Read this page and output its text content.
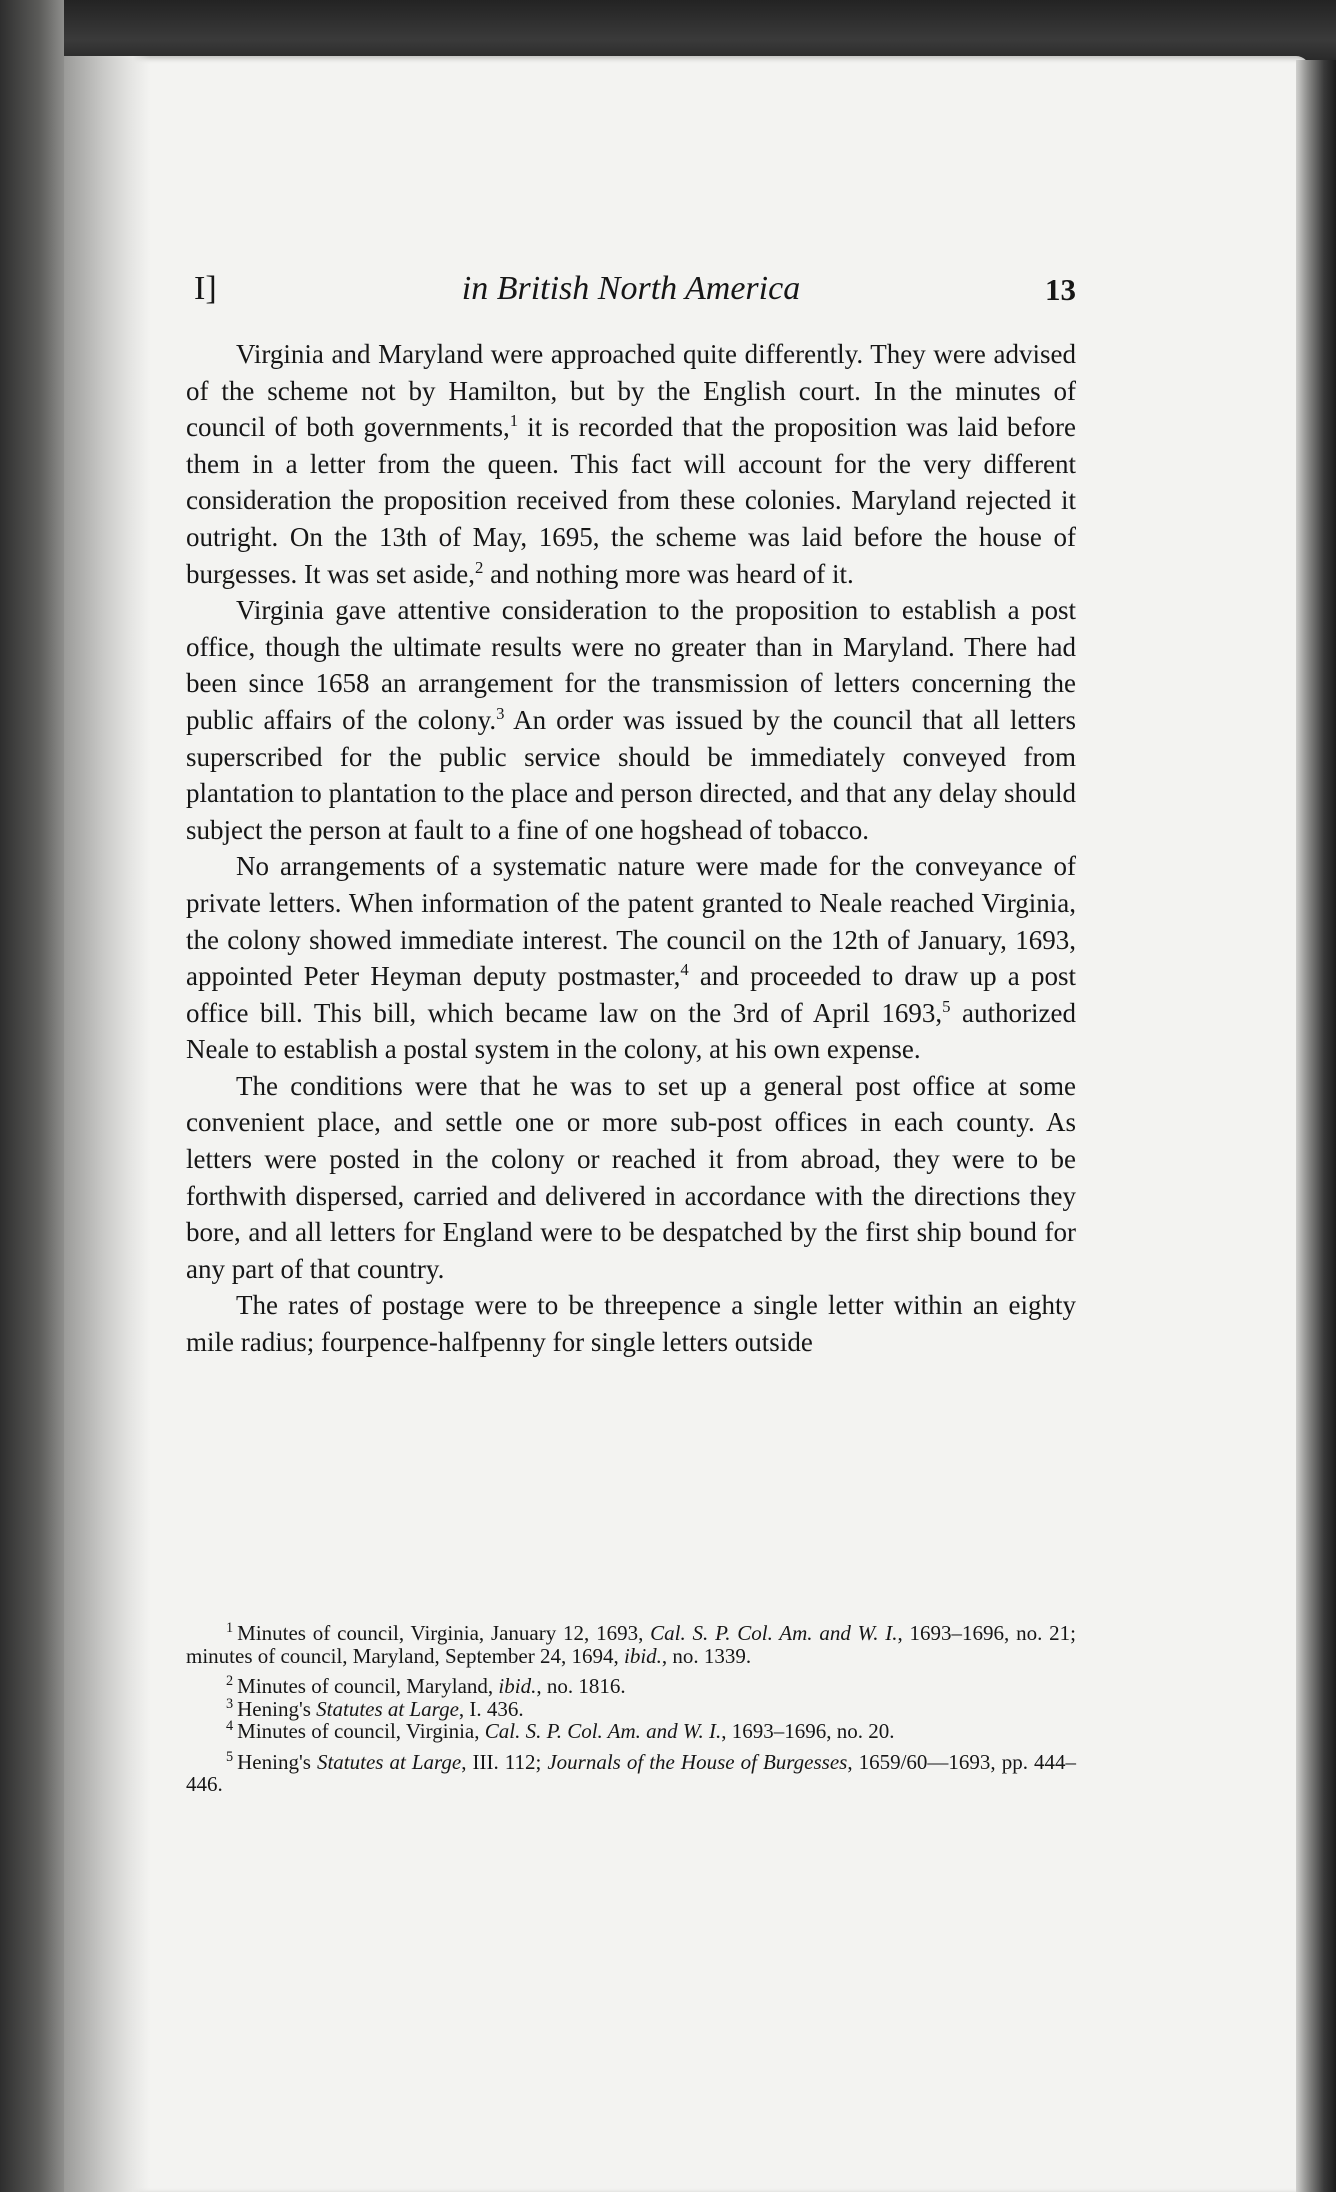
I]	in British North America	13

Virginia and Maryland were approached quite differently. They were advised of the scheme not by Hamilton, but by the English court. In the minutes of council of both governments,$^1$ it is recorded that the proposition was laid before them in a letter from the queen. This fact will account for the very different consideration the proposition received from these colonies. Maryland rejected it outright. On the 13th of May, 1695, the scheme was laid before the house of burgesses. It was set aside,$^2$ and nothing more was heard of it.

Virginia gave attentive consideration to the proposition to establish a post office, though the ultimate results were no greater than in Maryland. There had been since 1658 an arrangement for the transmission of letters concerning the public affairs of the colony.$^3$ An order was issued by the council that all letters superscribed for the public service should be immediately conveyed from plantation to plantation to the place and person directed, and that any delay should subject the person at fault to a fine of one hogshead of tobacco.

No arrangements of a systematic nature were made for the conveyance of private letters. When information of the patent granted to Neale reached Virginia, the colony showed immediate interest. The council on the 12th of January, 1693, appointed Peter Heyman deputy postmaster,$^4$ and proceeded to draw up a post office bill. This bill, which became law on the 3rd of April 1693,$^5$ authorized Neale to establish a postal system in the colony, at his own expense.

The conditions were that he was to set up a general post office at some convenient place, and settle one or more sub-post offices in each county. As letters were posted in the colony or reached it from abroad, they were to be forthwith dispersed, carried and delivered in accordance with the directions they bore, and all letters for England were to be despatched by the first ship bound for any part of that country.

The rates of postage were to be threepence a single letter within an eighty mile radius; fourpence-halfpenny for single letters outside

$^1$ Minutes of council, Virginia, January 12, 1693, Cal. S. P. Col. Am. and W. I., 1693–1696, no. 21; minutes of council, Maryland, September 24, 1694, ibid., no. 1339.

$^2$ Minutes of council, Maryland, ibid., no. 1816.

$^3$ Hening's Statutes at Large, I. 436.

$^4$ Minutes of council, Virginia, Cal. S. P. Col. Am. and W. I., 1693–1696, no. 20.

$^5$ Hening's Statutes at Large, III. 112; Journals of the House of Burgesses, 1659/60—1693, pp. 444–446.
